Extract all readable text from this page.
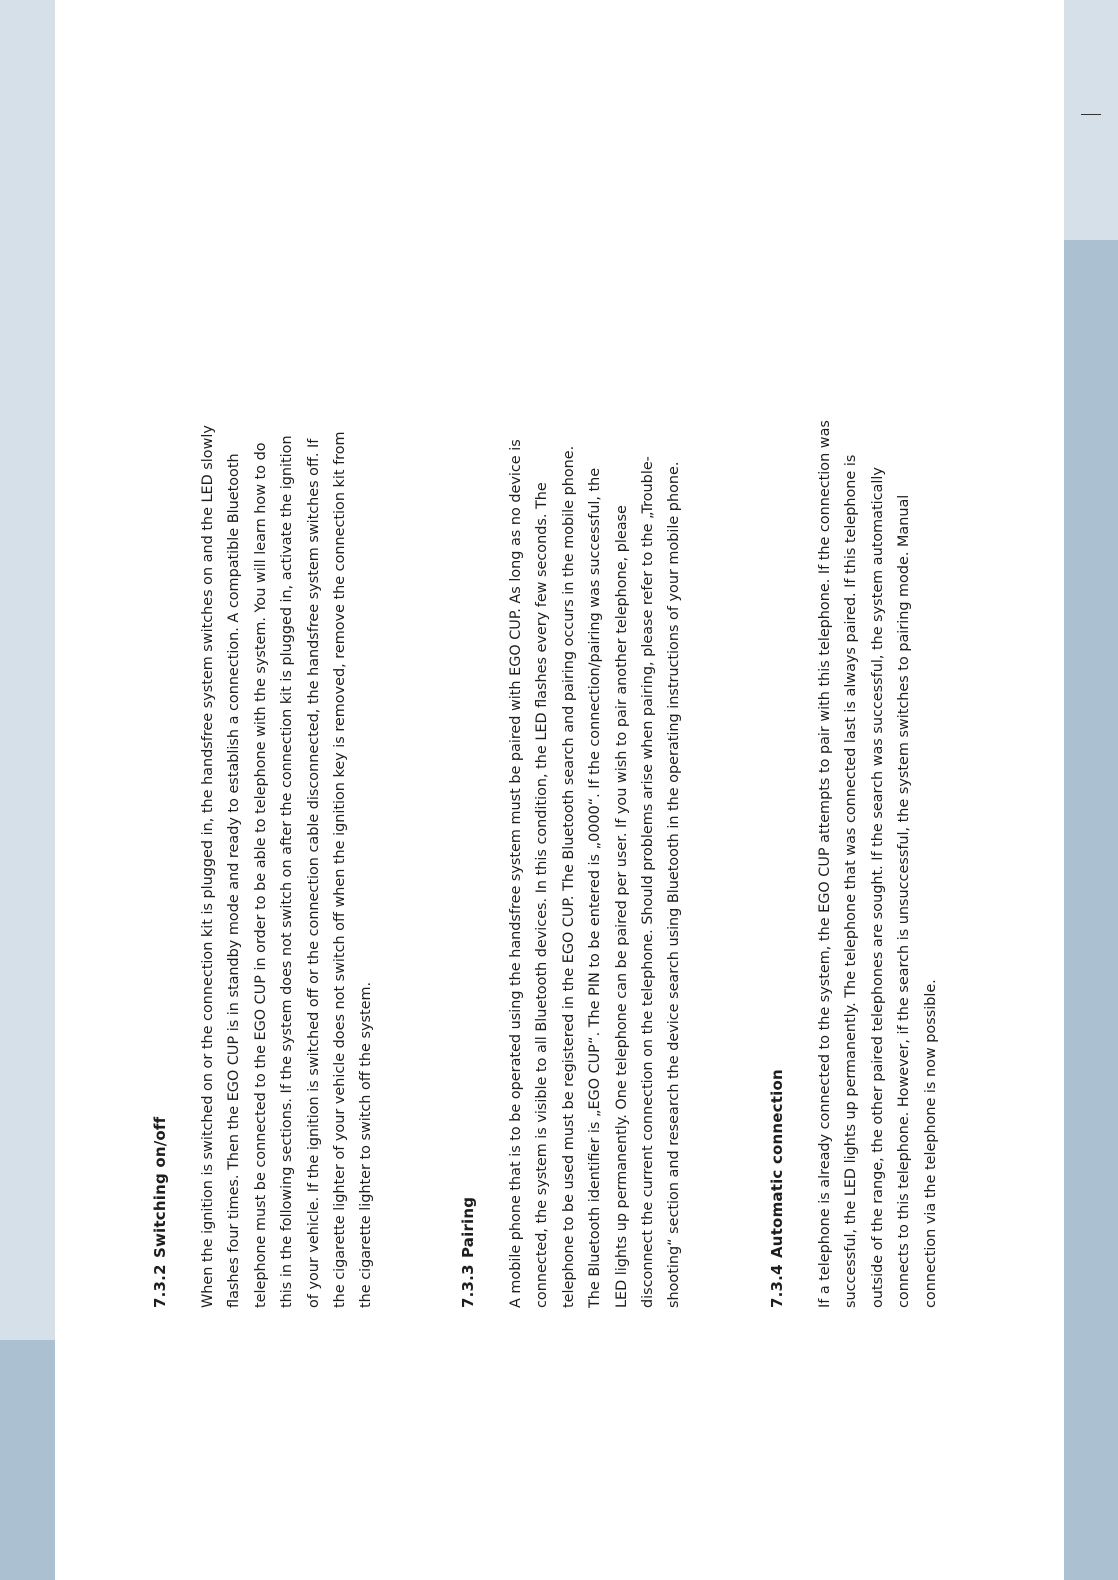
7.3.2Switching on/off	When the ignition is switched on or the connection kit is plugged in, the handsfree system switches on and the LED slowly flashes four times. Then the EGO CUP is in standby mode and ready to establish a connection. A compatible Bluetooth telephone must be connected to the EGO CUP in order to be able to telephone with the system. You will learn how to do this in the following sections. If the system does not switch on after the connection kit is plugged in, activate the ignition of your vehicle. If the ignition is switched off or the connection cable disconnected, the handsfree system switches off. If the cigarette lighter of your vehicle does not switch off when the ignition key is removed, remove the connection kit from the cigarette lighter to switch off the system.	7.3.3Pairing	A mobile phone that is to be operated using the handsfree system must be paired with EGO CUP. As long as no device is connected, the system is visible to all Bluetooth devices. In this condition, the LED flashes every few seconds. The telephone to be used must be registered in the EGO CUP. The Bluetooth search and pairing occurs in the mobile phone. The Bluetooth identifier is „EGO CUP“. The PIN to be entered is „0000“. If the connection/pairing was successful, the LED lights up permanently. One telephone can be paired per user. If you wish to pair another telephone, please disconnect the current connection on the telephone. Should problems arise when pairing, please refer to the „Trouble- shooting“ section and research the device search using Bluetooth in the operating instructions of your mobile phone.	7.3.4Automatic connection	If a telephone is already connected to the system, the EGO CUP attempts to pair with this telephone. If the connection was successful, the LED lights up permanently. The telephone that was connected last is always paired. If this telephone is outside of the range, the other paired telephones are sought. If the search was successful, the system automatically connects to this telephone. However, if the search is unsuccessful, the system switches to pairing mode. Manual connection via the telephone is now possible.
